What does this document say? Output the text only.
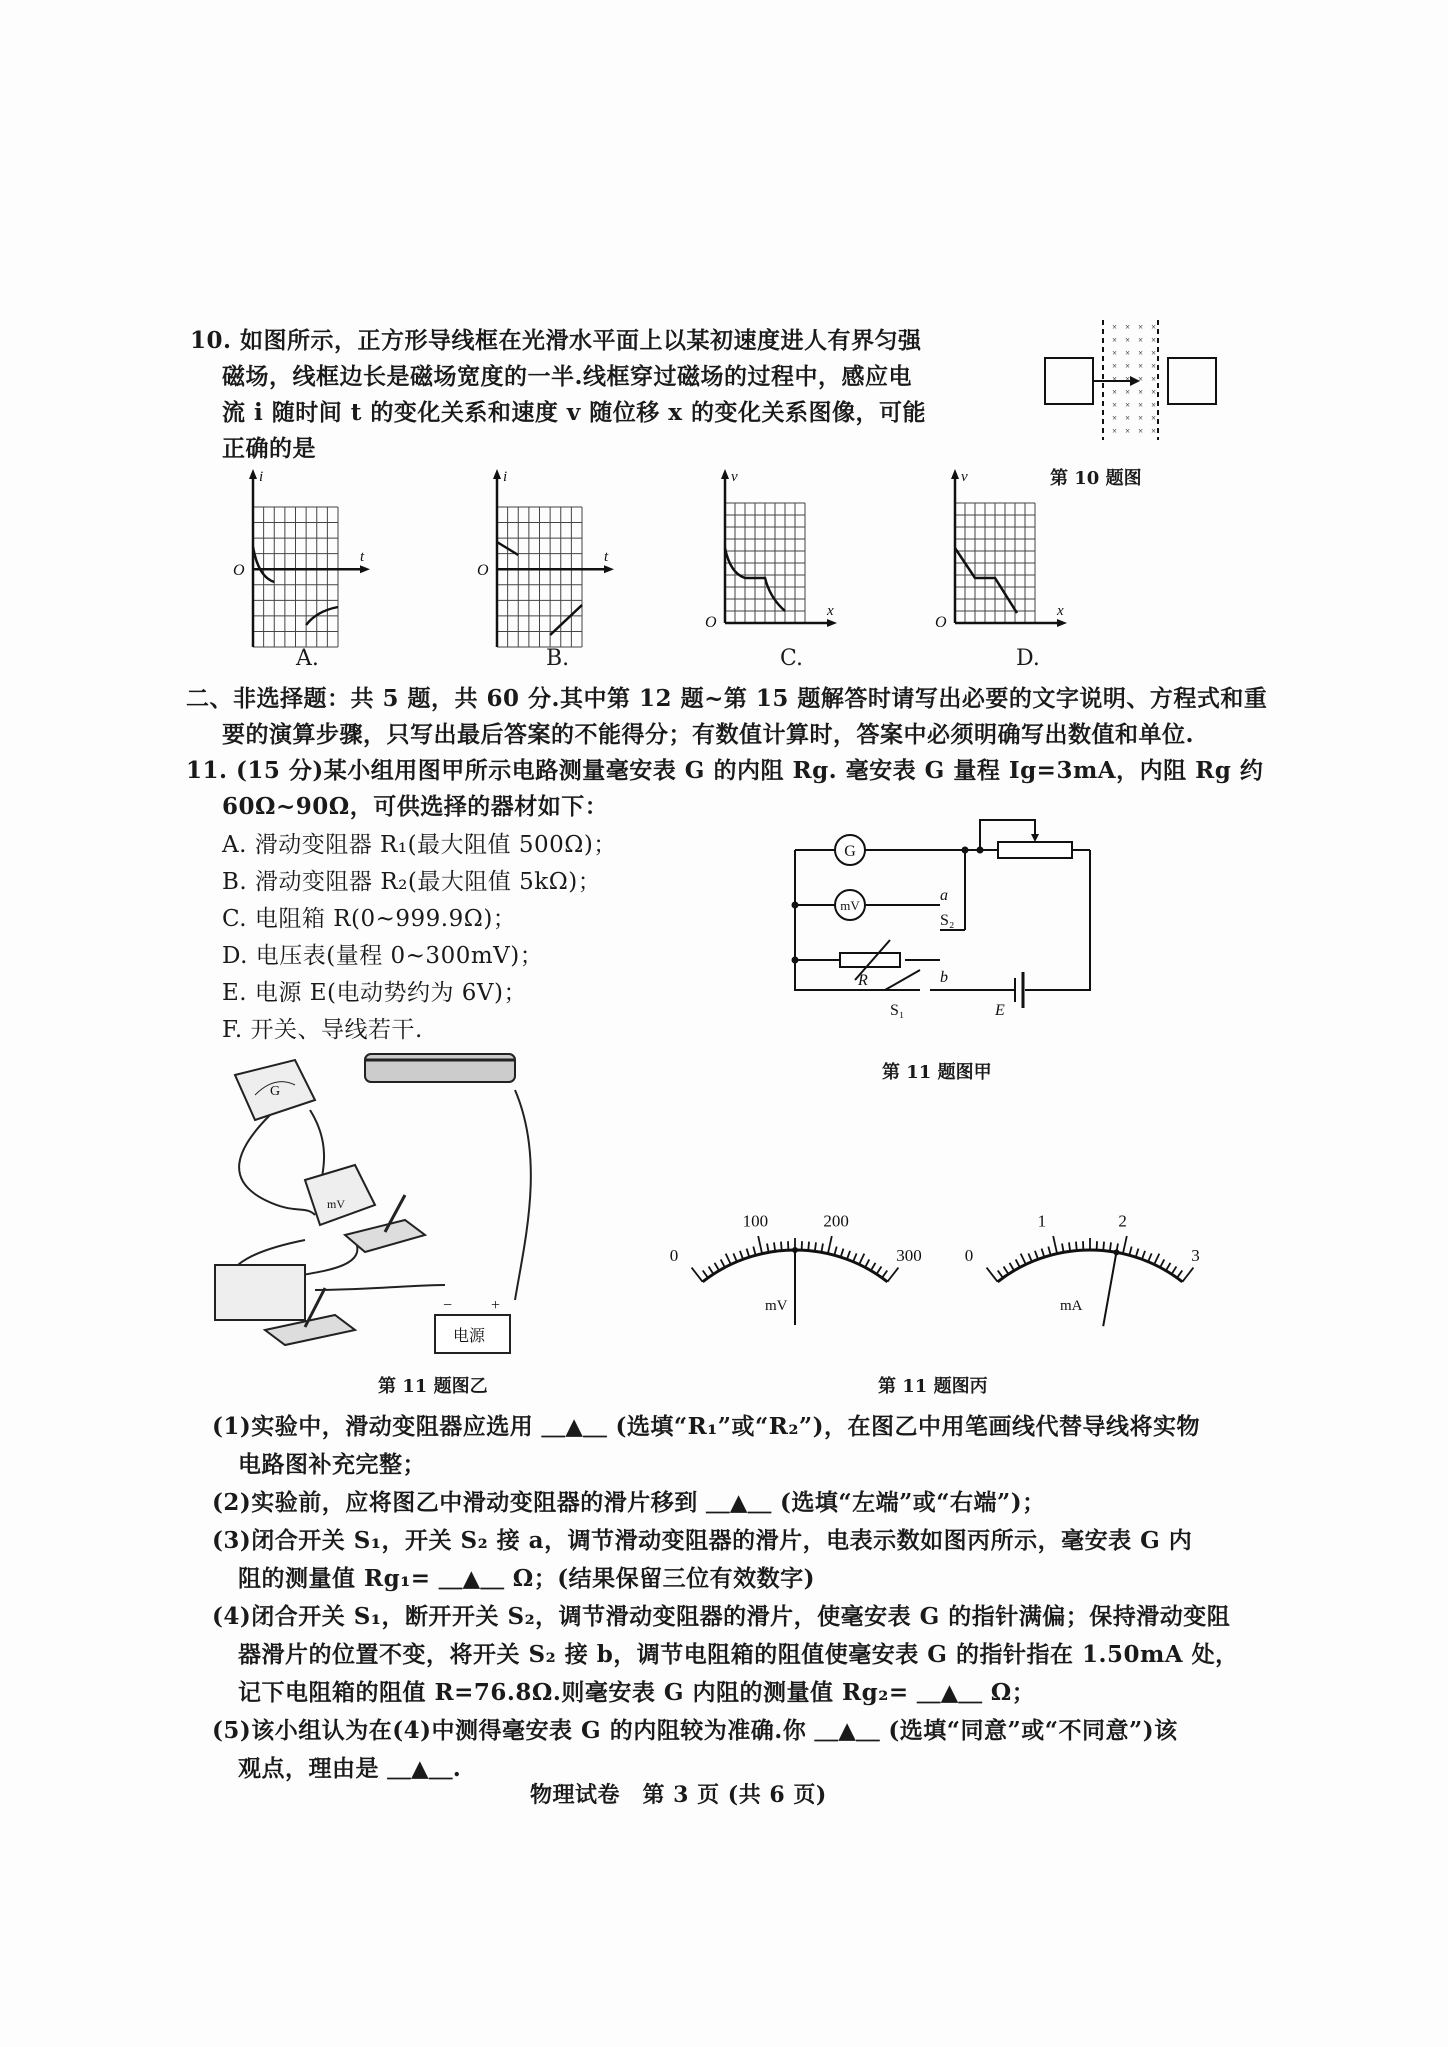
10. 如图所示，正方形导线框在光滑水平面上以某初速度进人有界匀强
磁场，线框边长是磁场宽度的一半.线框穿过磁场的过程中，感应电
流 i 随时间 t 的变化关系和速度 v 随位移 x 的变化关系图像，可能
正确的是
×
×
×
×
×
×
×
×
×
×
×
×
×
×
×
×
×
×
×
×
×
×
×
×
×
×
×
×
×
×
×
×
×
×
×
×
第 10 题图
i
t
O
i
t
O
v
x
O
v
x
O
A.	B.	C.	D.
二、非选择题：共 5 题，共 60 分.其中第 12 题~第 15 题解答时请写出必要的文字说明、方程式和重
要的演算步骤，只写出最后答案的不能得分；有数值计算时，答案中必须明确写出数值和单位.
11. (15 分)某小组用图甲所示电路测量毫安表 G 的内阻 Rg. 毫安表 G 量程 Ig=3mA，内阻 Rg 约
60Ω~90Ω，可供选择的器材如下：
A. 滑动变阻器 R₁(最大阻值 500Ω)；
B. 滑动变阻器 R₂(最大阻值 5kΩ)；
C. 电阻箱 R(0~999.9Ω)；
D. 电压表(量程 0~300mV)；
E. 电源 E(电动势约为 6V)；
F. 开关、导线若干.
G
mV
a
S₂
b
R
S₁	E
第 11 题图甲
G
mV
电源
− +
第 11 题图乙
0
100	200
300
mV
0
1	2
3
mA
第 11 题图丙
(1)实验中，滑动变阻器应选用 ＿▲＿ (选填“R₁”或“R₂”)，在图乙中用笔画线代替导线将实物
电路图补充完整；
(2)实验前，应将图乙中滑动变阻器的滑片移到 ＿▲＿ (选填“左端”或“右端”)；
(3)闭合开关 S₁，开关 S₂ 接 a，调节滑动变阻器的滑片，电表示数如图丙所示，毫安表 G 内
阻的测量值 Rg₁= ＿▲＿ Ω；(结果保留三位有效数字)
(4)闭合开关 S₁，断开开关 S₂，调节滑动变阻器的滑片，使毫安表 G 的指针满偏；保持滑动变阻
器滑片的位置不变，将开关 S₂ 接 b，调节电阻箱的阻值使毫安表 G 的指针指在 1.50mA 处，
记下电阻箱的阻值 R=76.8Ω.则毫安表 G 内阻的测量值 Rg₂= ＿▲＿ Ω；
(5)该小组认为在(4)中测得毫安表 G 的内阻较为准确.你 ＿▲＿ (选填“同意”或“不同意”)该
观点，理由是 ＿▲＿.
物理试卷　第 3 页 (共 6 页)
